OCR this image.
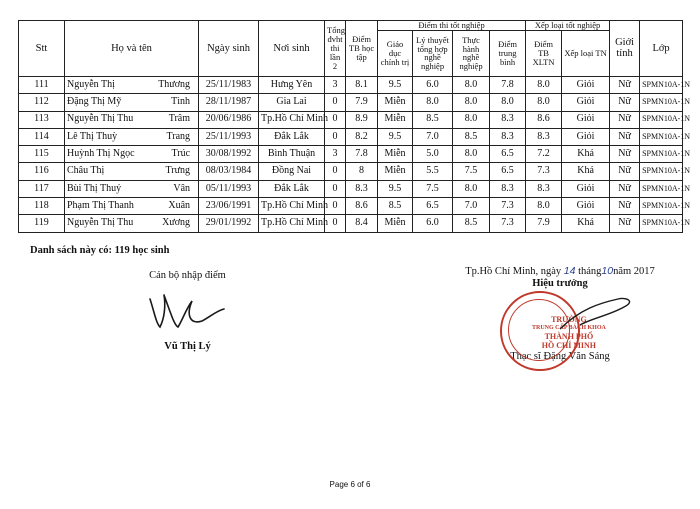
Stt	Họ và tên	Ngày sinh	Nơi sinh	Tổng đvht thi lần 2	Điểm TB học tập	Điểm thi tốt nghiệp				Xếp loại tốt nghiệp		Giới tính	Lớp
						Giáo dục chính trị	Lý thuyết tổng hợp nghề nghiệp	Thực hành nghề nghiệp	Điểm trung bình	Điểm TB XLTN	Xếp loại TN		
111	Nguyễn Thị Thương	25/11/1983	Hưng Yên	3	8.1	9.5	6.0	8.0	7.8	8.0	Giỏi	Nữ	SPMN10A-1N
112	Đặng Thị Mỹ Tình	28/11/1987	Gia Lai	0	7.9	Miễn	8.0	8.0	8.0	8.0	Giỏi	Nữ	SPMN10A-1N
113	Nguyễn Thị Thu Trâm	20/06/1986	Tp.Hồ Chí Minh	0	8.9	Miễn	8.5	8.0	8.3	8.6	Giỏi	Nữ	SPMN10A-1N
114	Lê Thị Thuỳ Trang	25/11/1993	Đắk Lắk	0	8.2	9.5	7.0	8.5	8.3	8.3	Giỏi	Nữ	SPMN10A-1N
115	Huỳnh Thị Ngọc Trúc	30/08/1992	Bình Thuận	3	7.8	Miễn	5.0	8.0	6.5	7.2	Khá	Nữ	SPMN10A-1N
116	Châu Thị Trưng	08/03/1984	Đồng Nai	0	8	Miễn	5.5	7.5	6.5	7.3	Khá	Nữ	SPMN10A-1N
117	Bùi Thị Thuý Vân	05/11/1993	Đắk Lắk	0	8.3	9.5	7.5	8.0	8.3	8.3	Giỏi	Nữ	SPMN10A-1N
118	Phạm Thị Thanh Xuân	23/06/1991	Tp.Hồ Chí Minh	0	8.6	8.5	6.5	7.0	7.3	8.0	Giỏi	Nữ	SPMN10A-1N
119	Nguyễn Thị Thu Xương	29/01/1992	Tp.Hồ Chí Minh	0	8.4	Miễn	6.0	8.5	7.3	7.9	Khá	Nữ	SPMN10A-1N
Danh sách này có: 119 học sinh
Cán bộ nhập điểm
Vũ Thị Lý
Tp.Hồ Chí Minh, ngày 14 tháng10năm 2017
Hiệu trưởng
TRƯỜNG
TRUNG CẤP BÁCH KHOA
THÀNH PHỐ
HỒ CHÍ MINH
Thạc sĩ Đặng Văn Sáng
Page 6 of 6
